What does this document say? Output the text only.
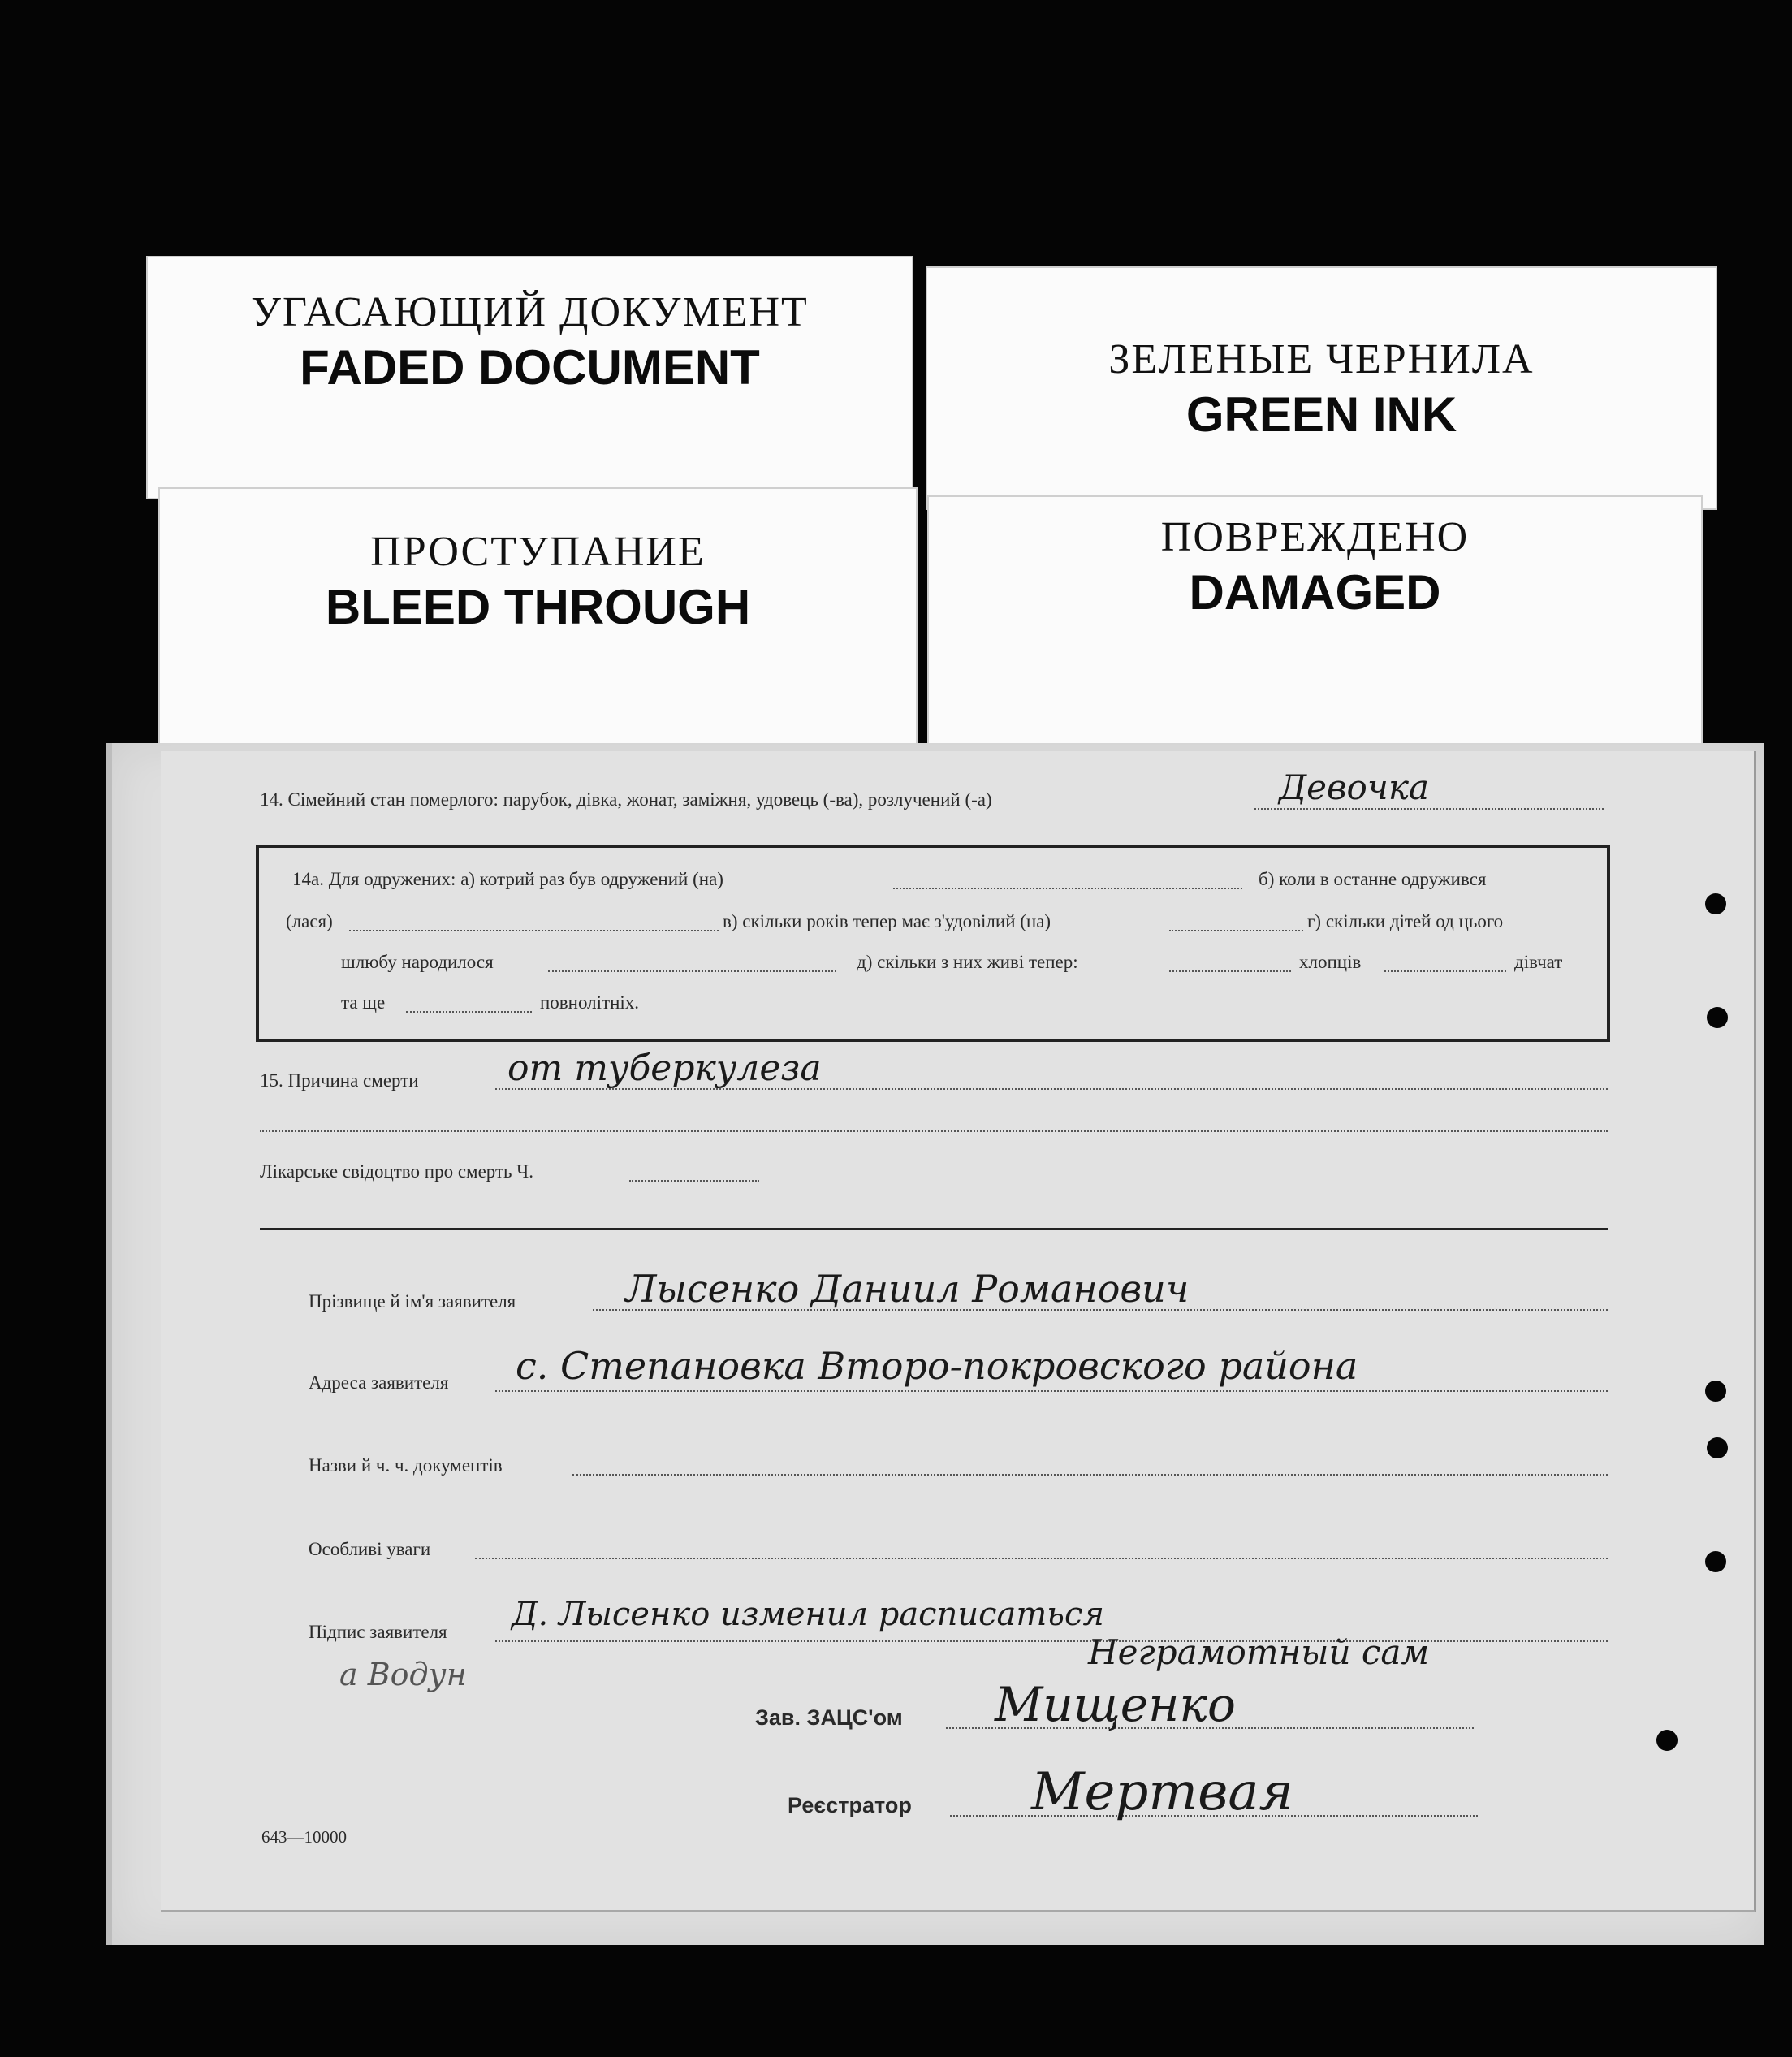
УГАСАЮЩИЙ ДОКУМЕНТ
FADED DOCUMENT	ЗЕЛЕНЫЕ ЧЕРНИЛА
GREEN INK
ПРОСТУПАНИЕ
BLEED THROUGH
ПОВРЕЖДЕНО
DAMAGED
14. Сімейний стан померлого: парубок, дівка, жонат, заміжня, удовець (-ва), розлучений (-а)	Девочка
14а. Для одружених: а) котрий раз був одружений (на)	б) коли в останне одружився
(лася)	в) скільки років тепер має з'удовілий (на)	г) скільки дітей од цього
шлюбу народилося	д) скільки з них живі тепер:	хлопців	дівчат
та ще	повнолітніх.
15. Причина смерти от туберкулеза
Лікарське свідоцтво про смерть Ч.
Прізвище й ім'я заявителя	Лысенко Даниил Романович
Адреса заявителя с. Степановка Второ-покровского района
Назви й ч. ч. документів
Особливі уваги
Підпис заявителя Д. Лысенко изменил расписаться
а Водун
Неграмотный сам
Зав. ЗАЦС'ом Мищенко
Реєстратор Мертвая
643—10000
